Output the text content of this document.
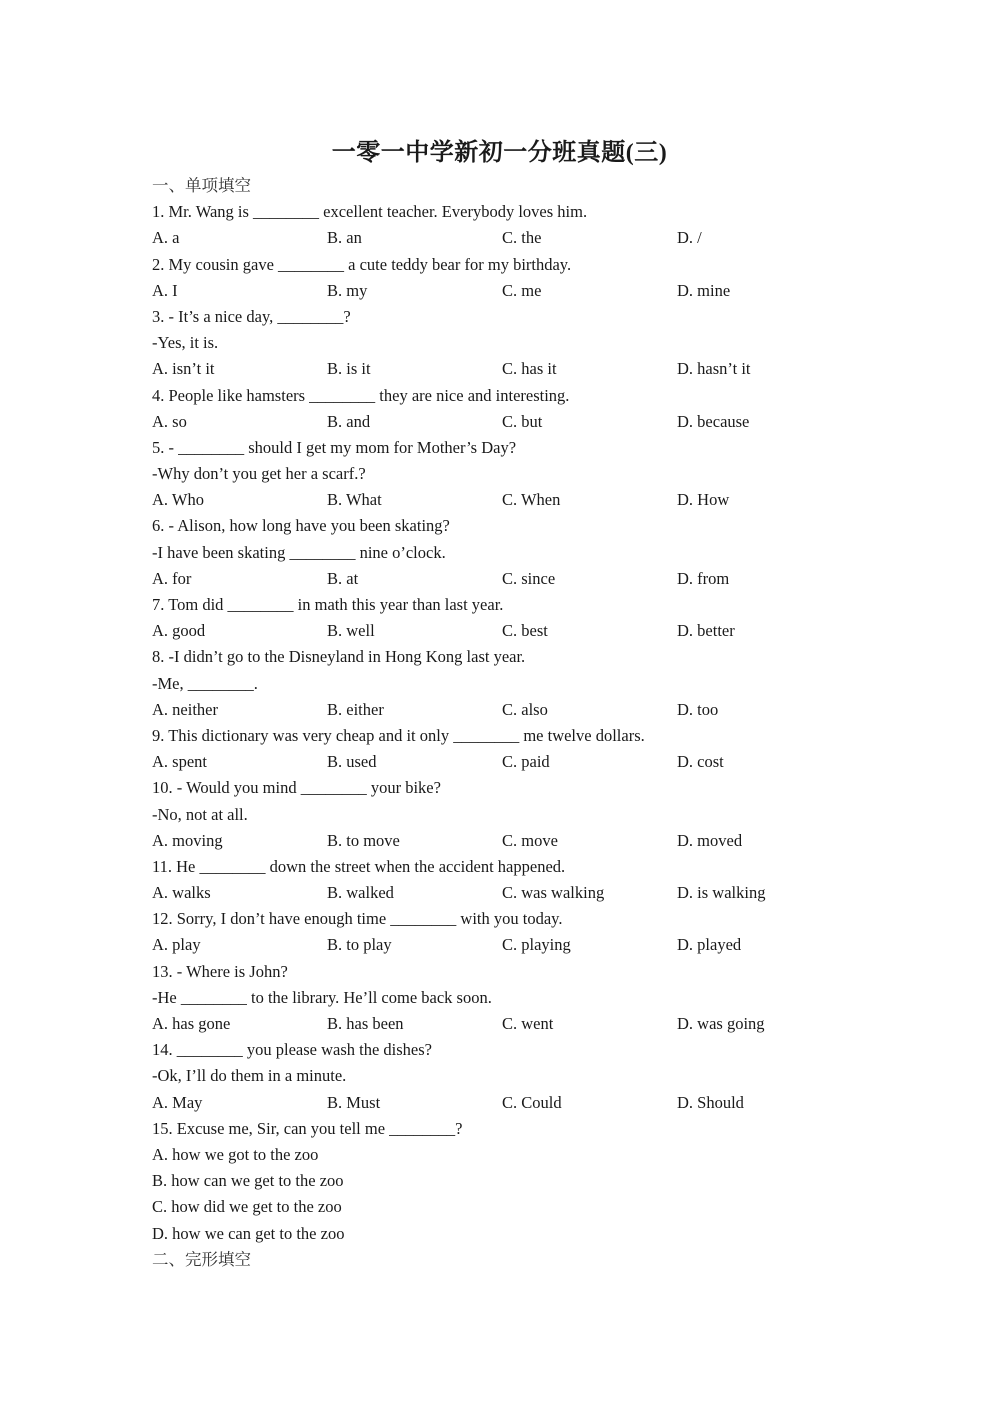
一零一中学新初一分班真题(三)
一、单项填空
1. Mr. Wang is ________ excellent teacher. Everybody loves him.
A. a	B. an	C. the	D. /
2. My cousin gave ________ a cute teddy bear for my birthday.
A. I	B. my	C. me	D. mine
3. - It’s a nice day, ________?
-Yes, it is.
A. isn’t it	B. is it	C. has it	D. hasn’t it
4. People like hamsters ________ they are nice and interesting.
A. so	B. and	C. but	D. because
5. - ________ should I get my mom for Mother’s Day?
-Why don’t you get her a scarf.?
A. Who	B. What	C. When	D. How
6. - Alison, how long have you been skating?
-I have been skating ________ nine o’clock.
A. for	B. at	C. since	D. from
7. Tom did ________ in math this year than last year.
A. good	B. well	C. best	D. better
8. -I didn’t go to the Disneyland in Hong Kong last year.
-Me, ________.
A. neither	B. either	C. also	D. too
9. This dictionary was very cheap and it only ________ me twelve dollars.
A. spent	B. used	C. paid	D. cost
10. - Would you mind ________ your bike?
-No, not at all.
A. moving	B. to move	C. move	D. moved
11. He ________ down the street when the accident happened.
A. walks	B. walked	C. was walking	D. is walking
12. Sorry, I don’t have enough time ________ with you today.
A. play	B. to play	C. playing	D. played
13. - Where is John?
-He ________ to the library. He’ll come back soon.
A. has gone	B. has been	C. went	D. was going
14. ________ you please wash the dishes?
-Ok, I’ll do them in a minute.
A. May	B. Must	C. Could	D. Should
15. Excuse me, Sir, can you tell me ________?
A. how we got to the zoo
B. how can we get to the zoo
C. how did we get to the zoo
D. how we can get to the zoo
二、完形填空
